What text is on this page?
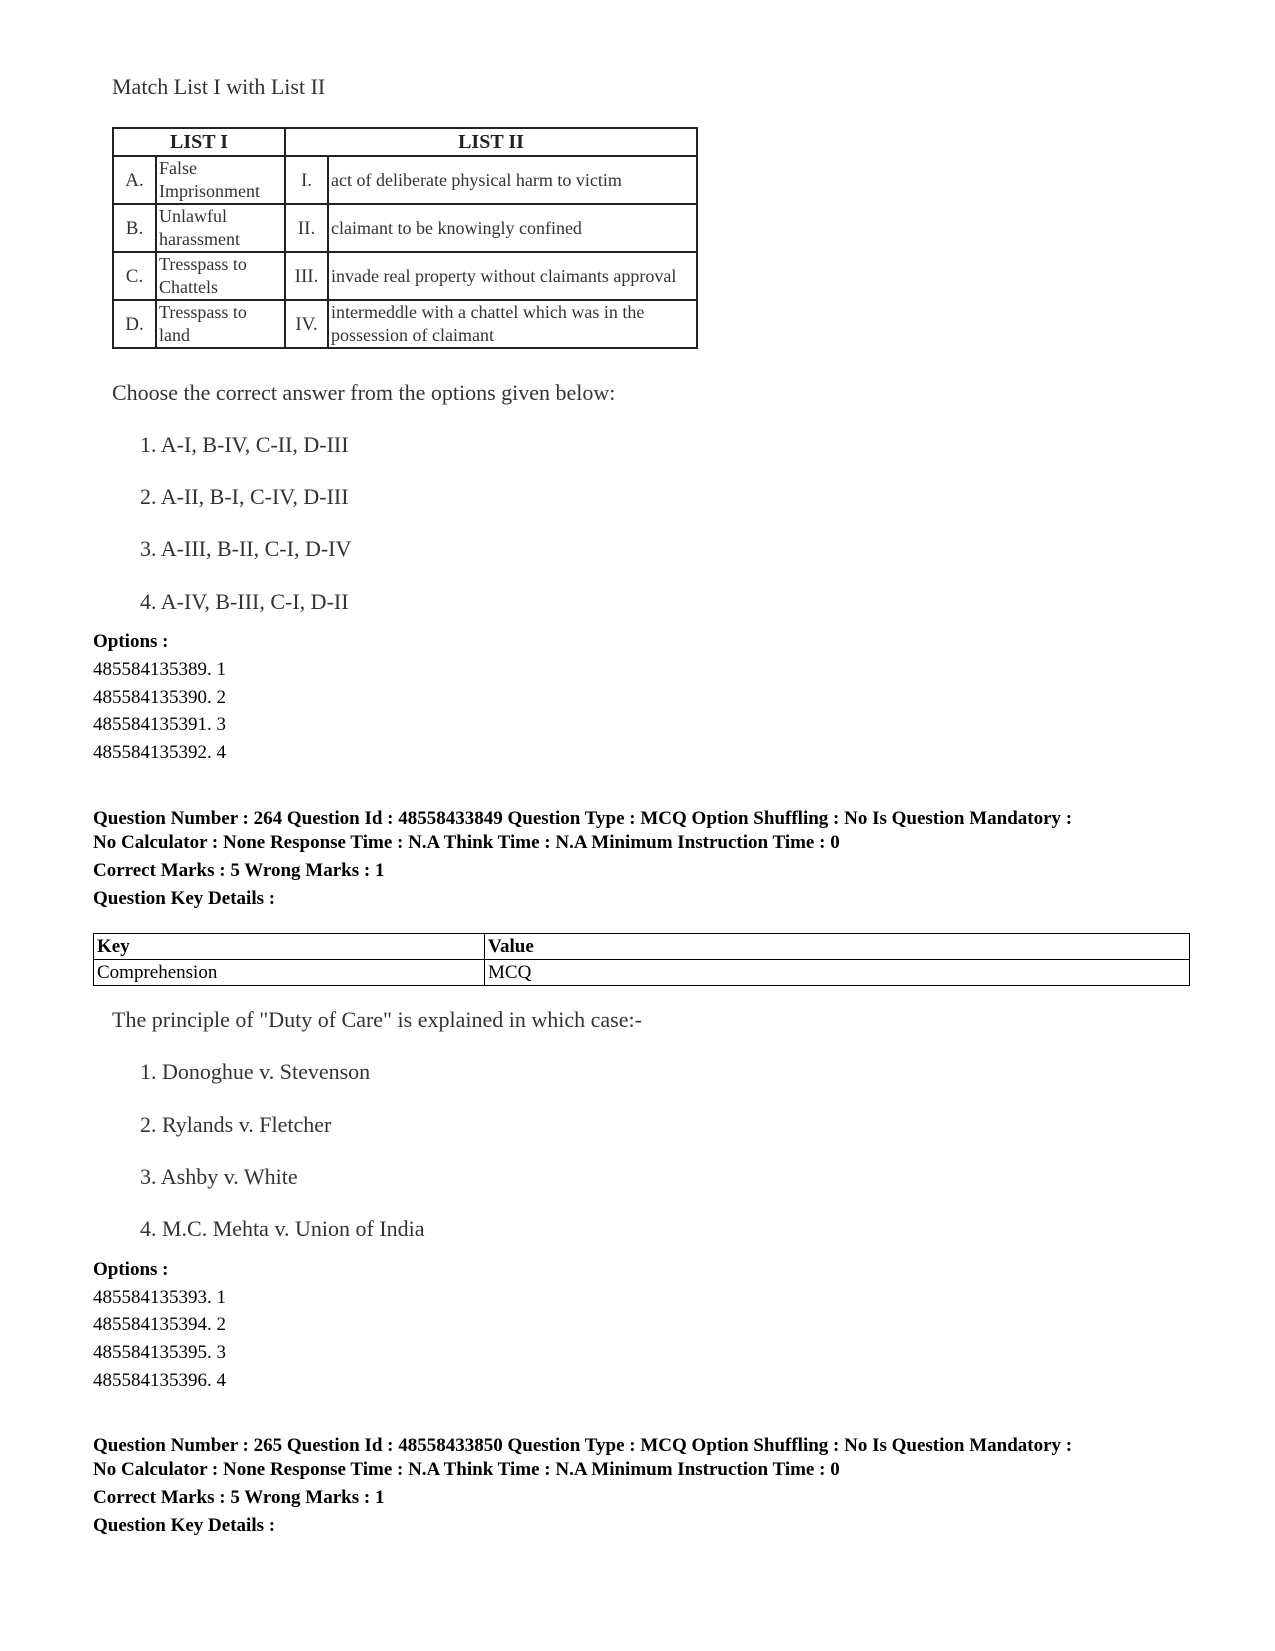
Match List I with List II
LIST I		LIST II	
A.	False Imprisonment	I.	act of deliberate physical harm to victim
B.	Unlawful harassment	II.	claimant to be knowingly confined
C.	Tresspass to Chattels	III.	invade real property without claimants approval
D.	Tresspass to land	IV.	intermeddle with a chattel which was in the possession of claimant
Choose the correct answer from the options given below:
1. A-I, B-IV, C-II, D-III
2. A-II, B-I, C-IV, D-III
3. A-III, B-II, C-I, D-IV
4. A-IV, B-III, C-I, D-II
Options :
485584135389. 1
485584135390. 2
485584135391. 3
485584135392. 4
Question Number : 264 Question Id : 48558433849 Question Type : MCQ Option Shuffling : No Is Question Mandatory :
No Calculator : None Response Time : N.A Think Time : N.A Minimum Instruction Time : 0
Correct Marks : 5 Wrong Marks : 1
Question Key Details :
Key	Value
Comprehension	MCQ
The principle of "Duty of Care" is explained in which case:-
1. Donoghue v. Stevenson
2. Rylands v. Fletcher
3. Ashby v. White
4. M.C. Mehta v. Union of India
Options :
485584135393. 1
485584135394. 2
485584135395. 3
485584135396. 4
Question Number : 265 Question Id : 48558433850 Question Type : MCQ Option Shuffling : No Is Question Mandatory :
No Calculator : None Response Time : N.A Think Time : N.A Minimum Instruction Time : 0
Correct Marks : 5 Wrong Marks : 1
Question Key Details :
